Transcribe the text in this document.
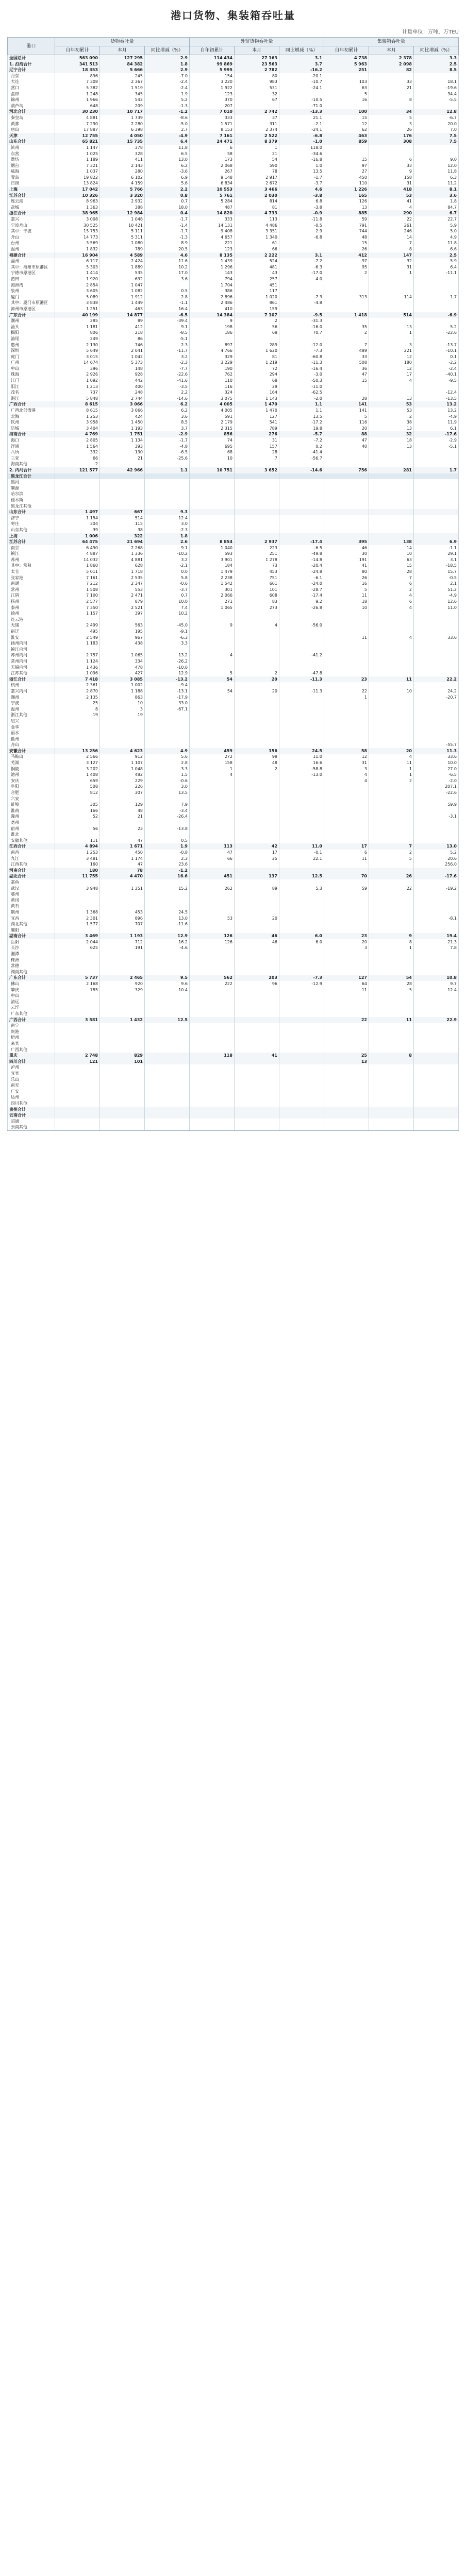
港口货物、集装箱吞吐量
计量单位：万吨，万TEU
港口	货物吞吐量			外贸货物吞吐量			集装箱吞吐量		
	自年初累计	本月	同比增减（%）	自年初累计	本月	同比增减（%）	自年初累计	本月	同比增减（%）
全国总计	563 090	127 295	2.9	114 434	27 163	3.1	4 738	2 378	3.3
1. 沿海合计	341 513	84 382	1.8	99 869	23 563	3.7	5 963	2 098	2.5
辽宁合计	18 353	5 666	2.9	5 995	2 782	-16.2	251	82	8.5
丹东	896	245	-7.0	154	80	-20.1			
大连	7 308	2 367	-2.4	3 220	983	-10.7	103	33	18.1
营口	5 382	1 519	-2.4	1 922	531	-24.1	63	21	-19.6
盘锦	1 248	345	1.9	123	32		5		34.4
锦州	1 966	542	5.2	370	67	-10.5	16	8	-5.5
葫芦岛	648	209	-1.3	207		-71.0			
河北合计	30 230	10 717	-1.2	7 010	2 742	-13.3	100	34	12.8
秦皇岛	4 881	1 739	-8.6	333	37	21.1	15	5	-6.7
黄骅	7 290	2 280	-5.0	1 571	311	-2.1	12	3	20.0
唐山	17 887	6 398	2.7	8 153	2 374	-24.1	62	26	7.0
天津	12 755	4 050	-4.9	7 161	2 522	-6.8	463	176	7.5
山东合计	65 821	15 735	6.4	24 471	8 379	-1.0	859	308	7.5
滨州	1 147	378	11.8	6	1	118.0			
东营	1 025	328	6.5	58	21	-34.6			
潍坊	1 189	411	13.0	173	54	-16.8	15	6	9.0
烟台	7 321	2 143	6.2	2 068	590	1.0	97	33	12.0
威海	1 037	280	-3.6	267	78	13.5	27	9	11.8
青岛	19 822	6 102	6.9	9 148	2 917	-1.7	450	158	6.3
日照	13 824	4 159	5.6	6 834	2 672	-3.7	110	31	11.2
上海	17 042	5 766	2.2	10 553	3 466	4.6	1 226	418	8.1
江苏合计	10 326	3 320	0.8	5 761	2 030	-3.8	165	53	3.6
连云港	8 963	2 932	0.7	5 284	814	6.8	126	41	1.8
盐城	1 363	388	18.0	487	81	-3.8	13	4	84.7
浙江合计	38 965	12 984	0.4	14 820	4 733	-0.9	885	290	6.7
嘉兴	3 008	1 048	-1.7	333	113	-11.8	59	22	22.7
宁波舟山	30 525	10 421	-1.4	14 131	4 486	-0.5	791	261	5.9
其中：宁波	15 753	5 111	-1.7	9 408	3 351	2.9	744	246	5.0
舟山	14 773	5 311	-1.3	4 657	1 340	-6.8	48	14	4.9
台州	3 569	1 080	8.9	221	61		15	7	11.8
温州	1 832	789	20.5	123	66		26	8	6.6
福建合计	16 904	4 589	4.6	8 135	2 222	3.1	412	147	2.5
福州	6 717	2 424	11.6	1 439	524	-7.2	97	32	5.9
其中：福州市原港区	5 303	1 889	10.2	1 296	481	-6.3	95	31	6.4
宁德市原港区	1 414	535	17.0	143	43	-17.0	2	1	-11.1
莆田	1 920	632	3.6	794	257	4.0			
湄洲湾	2 854	1 047		1 704	451				
泉州	3 605	1 082	0.5	386	117				
厦门	5 089	1 912	2.8	2 896	1 020	-7.3	313	114	1.7
其中：厦门市原港区	3 838	1 449	-1.1	2 486	861	-4.8			
漳州市原港区	1 251	463	16.4	410	159				
广东合计	40 199	14 877	-6.5	14 384	7 107	-9.5	1 418	514	-6.9
潮州	285	89	-39.4	9	2	-31.3			
汕头	1 181	412	9.1	198	56	-16.0	35	13	5.2
揭阳	806	218	-8.5	186	68	70.7	2	1	-22.6
汕尾	249	86	-5.1						
惠州	2 130	746	2.3	897	289	-12.0	7	3	-13.7
深圳	5 649	2 041	-11.7	4 766	1 620	-7.3	489	221	-10.1
虎门	3 015	1 042	3.2	329	81	-60.8	33	12	0.1
广州	14 674	5 373	-2.3	3 229	1 219	-11.3	508	180	-2.2
中山	396	148	-7.7	190	72	-16.4	36	12	-2.4
珠海	2 926	928	-22.6	762	294	-3.0	47	17	-40.1
江门	1 092	442	-41.6	110	68	-50.3	15	4	-9.5
阳江	1 213	400	-3.5	116	29	-11.0			
茂名	737	248	2.2	324	164	-62.5			-12.4
湛江	5 848	2 744	-14.6	3 075	1 143	-2.0	28	13	-13.5
广西合计	8 615	3 066	6.2	4 005	1 470	1.1	141	53	13.2
广西北部湾港	8 615	3 066	6.2	4 005	1 470	1.1	141	53	13.2
北海	1 253	424	3.6	591	127	13.5	5	2	-4.9
钦州	3 958	1 450	8.5	2 179	541	-17.2	116	38	11.9
防城	3 404	1 193	3.7	2 315	789	19.8	20	13	6.1
海南合计	4 769	1 751	-2.9	856	276	-5.7	88	32	-17.6
海口	2 805	1 134	-1.7	74	31	-7.2	47	18	-2.9
洋浦	1 564	393	-4.8	695	157	0.2	40	13	-5.1
八所	332	130	-6.5	68	28	-41.4			
三亚	66	21	-25.6	10	7	-56.7			
海南其他	2								
2. 内河合计	121 577	42 966	1.1	10 751	3 652	-14.6	756	281	1.7
黑龙江合计									
黑河									
肇源									
哈尔滨									
佳木斯									
黑龙江其他									
山东合计	1 497	667	9.3						
济宁	1 154	514	12.4						
枣庄	304	115	3.0						
山东其他	39	38	-2.3						
上海	1 006	322	1.8						
江苏合计	64 475	21 694	2.6	8 854	2 937	-17.4	395	138	6.9
南京	6 490	2 268	9.1	1 040	223	-6.5	46	14	-1.1
镇江	4 887	1 336	-10.2	593	251	-49.8	30	10	29.1
苏州	14 032	4 881	3.2	3 901	1 278	-14.8	191	63	3.1
其中：常熟	1 860	628	-2.1	184	73	-20.4	41	15	-18.5
太仓	5 011	1 718	0.0	1 479	453	-24.8	80	28	15.7
张家港	7 161	2 535	5.8	2 238	751	-6.1	26	7	-0.5
南通	7 212	2 347	-0.6	1 542	661	-24.0	16	6	2.1
常州	1 508	553	-3.7	301	101	-28.7	5	2	51.2
江阴	7 100	2 471	0.7	2 066	608	-17.4	11	4	-4.9
扬州	2 577	879	10.0	271	83	9.2	18	6	12.6
泰州	7 350	2 521	7.4	1 065	273	-26.8	10	4	11.0
徐州	1 157	397	10.2						
连云港									
无锡	2 499	563	-45.0	9	4	-56.0			
宿迁	495	195	-9.1						
淮安	2 549	967	-6.3				11	4	33.6
扬州内河	1 183	438	3.3						
镇江内河									
苏州内河	2 757	1 065	13.2	4		-41.2			
常州内河	1 124	334	-26.2						
无锡内河	1 436	478	-10.0						
江苏其他	1 096	427	12.9	5	2	-47.8			
浙江合计	7 418	3 085	-13.2	54	20	-11.3	23	11	22.2
杭州	2 361	1 002	-9.4						
嘉兴内河	2 870	1 188	-13.1	54	20	-11.3	22	10	24.2
湖州	2 135	863	-17.9				1		-20.7
宁波	25	10	33.0						
温州	8	3	-67.1						
浙江其他	19	19							
绍兴									
金华									
丽水									
衢州									
舟山									-55.7
安徽合计	13 256	4 623	4.9	459	156	24.5	58	20	11.3
马鞍山	2 566	912	5.6	272	98	11.0	12	4	33.6
芜湖	3 127	1 107	2.8	158	48	16.6	31	11	10.0
铜陵	3 202	1 048	3.3	1	2	-58.8	3	1	27.0
池州	1 408	482	1.5	4		-13.0	4	1	-6.5
安庆	659	229	-0.6				4	2	-2.0
阜阳	508	226	3.0						207.1
合肥	812	307	13.5						-22.6
六安									
蚌埠	305	129	7.9						59.9
淮南	166	48	-3.4						
滁州	52	21	-26.4						-3.1
亳州									
宿州	56	23	-13.8						
淮北									
安徽其他	111	47	0.5						
江西合计	4 894	1 671	1.9	113	42	11.0	17	7	13.0
南昌	1 253	450	-0.8	47	17	-0.1	6	2	5.2
九江	3 481	1 174	2.3	66	25	22.1	11	5	20.6
江西其他	160	47	23.6						256.0
河南合计	180	78	-1.2						
湖北合计	11 755	4 470	16.6	451	137	12.5	70	26	-17.6
嘉鱼									
武汉	3 948	1 351	15.2	262	89	5.3	59	22	-19.2
鄂州									
黄冈									
黄石									
荆州	1 368	453	24.5						
宜昌	2 301	896	13.0	53	20				-8.1
湖北其他	1 577	707	-11.6						
襄阳									
湖南合计	3 469	1 193	12.9	126	46	6.0	23	9	19.4
岳阳	2 044	712	16.2	126	46	6.0	20	8	21.3
长沙	625	191	-4.6				3	1	7.8
湘潭									
株洲									
常德									
湖南其他									
广东合计	5 737	2 465	9.5	562	203	-7.3	127	54	10.8
佛山	2 168	920	9.6	222	96	-12.9	64	28	9.7
肇庆	785	329	10.4				11	5	12.4
中山									
清远									
云浮									
广东其他									
广西合计	3 581	1 432	12.5				22	11	22.9
南宁									
贵港									
梧州									
来宾									
广西其他									
重庆	2 748	829		118	41		25	8	
四川合计	121	101					13		
泸州									
宜宾									
乐山									
南充									
广安									
达州									
四川其他									
贵州合计									
云南合计									
昭通									
云南其他									
